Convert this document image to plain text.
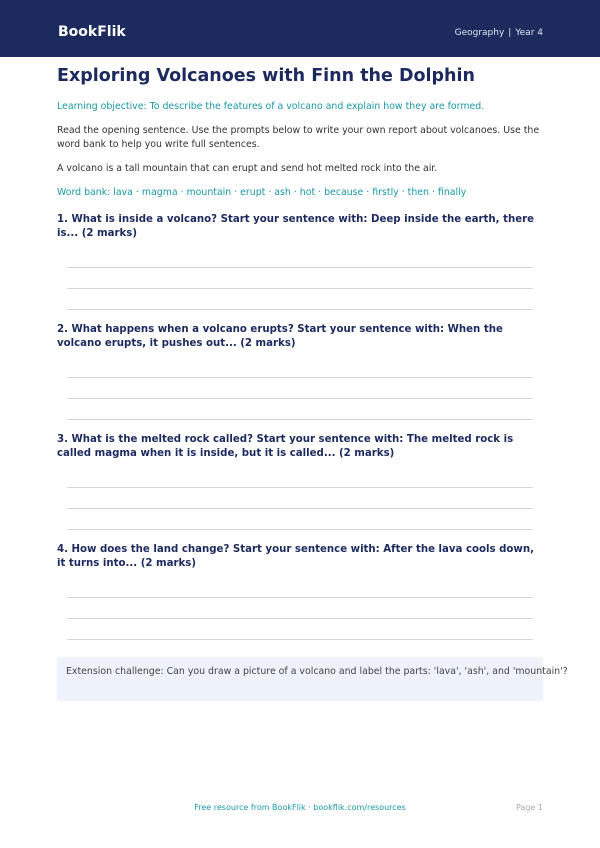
BookFlik	Geography | Year 4
Exploring Volcanoes with Finn the Dolphin

Learning objective: To describe the features of a volcano and explain how they are formed.

Read the opening sentence. Use the prompts below to write your own report about volcanoes. Use the word bank to help you write full sentences.

A volcano is a tall mountain that can erupt and send hot melted rock into the air.

Word bank: lava · magma · mountain · erupt · ash · hot · because · firstly · then · finally

1. What is inside a volcano? Start your sentence with: Deep inside the earth, there is... (2 marks)

2. What happens when a volcano erupts? Start your sentence with: When the volcano erupts, it pushes out... (2 marks)

3. What is the melted rock called? Start your sentence with: The melted rock is called magma when it is inside, but it is called... (2 marks)

4. How does the land change? Start your sentence with: After the lava cools down, it turns into... (2 marks)

Extension challenge: Can you draw a picture of a volcano and label the parts: 'lava', 'ash', and 'mountain'?
Free resource from BookFlik · bookflik.com/resources	Page 1
